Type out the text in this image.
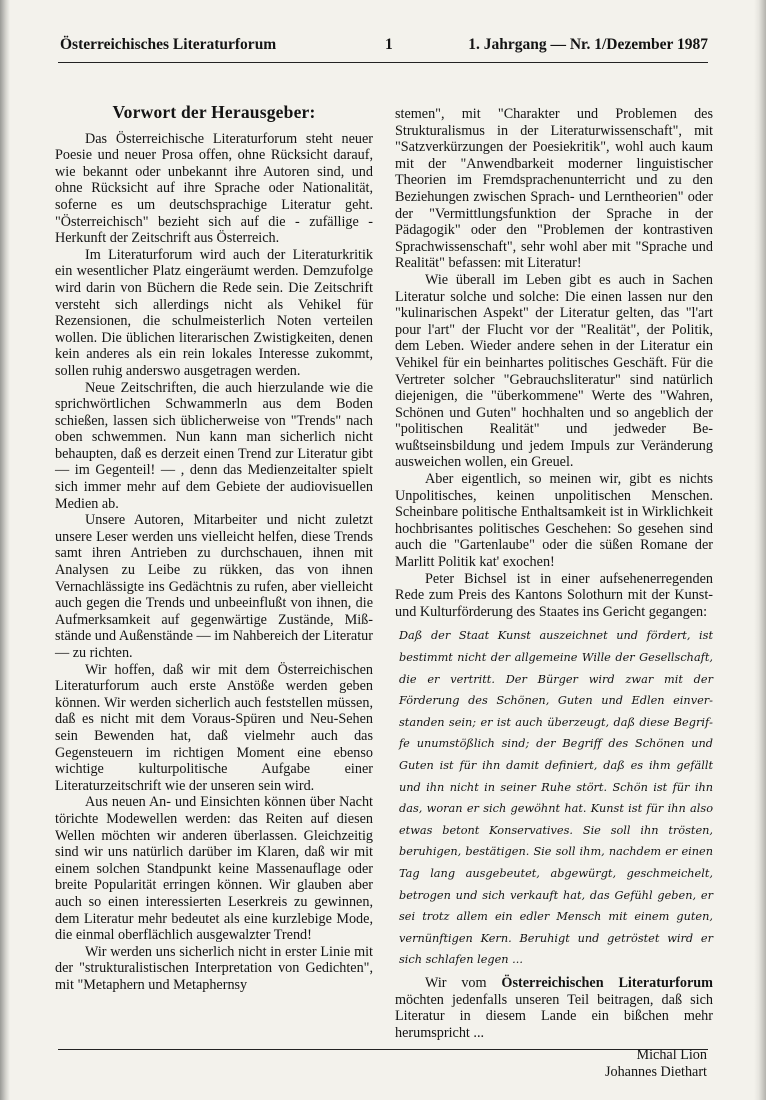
Österreichisches Literaturforum	1	1. Jahrgang — Nr. 1/Dezember 1987
Vorwort der Herausgeber:

Das Österreichische Literaturforum steht neuer Poesie und neuer Prosa offen, ohne Rücksicht darauf, wie bekannt oder unbekannt ihre Autoren sind, und ohne Rücksicht auf ihre Sprache oder Nationalität, soferne es um deutschsprachige Literatur geht. "Österreichisch" bezieht sich auf die - zufällige - Herkunft der Zeitschrift aus Österreich.

Im Literaturforum wird auch der Literaturkritik ein wesentlicher Platz eingeräumt werden. Demzufolge wird darin von Büchern die Rede sein. Die Zeitschrift versteht sich allerdings nicht als Vehikel für Rezensionen, die schulmeisterlich Noten verteilen wollen. Die üblichen literarischen Zwistigkeiten, denen kein anderes als ein rein lokales Interesse zukommt, sollen ruhig anderswo ausgetragen werden.

Neue Zeitschriften, die auch hierzulande wie die sprichwörtlichen Schwammerln aus dem Boden schießen, lassen sich üblicherweise von "Trends" nach oben schwemmen. Nun kann man sicherlich nicht behaupten, daß es derzeit einen Trend zur Literatur gibt — im Gegenteil! — , denn das Medienzeitalter spielt sich immer mehr auf dem Gebiete der audiovisuellen Medien ab.

Unsere Autoren, Mitarbeiter und nicht zuletzt unsere Leser werden uns vielleicht helfen, diese Trends samt ihren Antrieben zu durchschauen, ihnen mit Analysen zu Leibe zu rükken, das von ihnen Vernachlässigte ins Gedächtnis zu rufen, aber vielleicht auch gegen die Trends und unbeeinflußt von ihnen, die Aufmerksamkeit auf gegenwärtige Zustände, Mißstände und Außenstände — im Nahbereich der Literatur — zu richten.

Wir hoffen, daß wir mit dem Österreichischen Literaturforum auch erste Anstöße werden geben können. Wir werden sicherlich auch feststellen müssen, daß es nicht mit dem Voraus-Spüren und Neu-Sehen sein Bewenden hat, daß vielmehr auch das Gegensteuern im richtigen Moment eine ebenso wichtige kulturpolitische Aufgabe einer Literaturzeitschrift wie der unseren sein wird.

Aus neuen An- und Einsichten können über Nacht törichte Modewellen werden: das Reiten auf diesen Wellen möchten wir anderen überlassen. Gleichzeitig sind wir uns natürlich darüber im Klaren, daß wir mit einem solchen Standpunkt keine Massenauflage oder breite Popularität erringen können. Wir glauben aber auch so einen interessierten Leserkreis zu gewinnen, dem Literatur mehr bedeutet als eine kurzlebige Mode, die einmal oberflächlich ausgewalzter Trend!

Wir werden uns sicherlich nicht in erster Linie mit der "strukturalistischen Interpretation von Gedichten", mit "Metaphern und Metaphernsy

stemen", mit "Charakter und Problemen des Strukturalismus in der Literaturwissenschaft", mit "Satzverkürzungen der Poesiekritik", wohl auch kaum mit der "Anwendbarkeit moderner linguistischer Theorien im Fremdsprachenunterricht und zu den Beziehungen zwischen Sprach- und Lerntheorien" oder der "Vermittlungsfunktion der Sprache in der Pädagogik" oder den "Problemen der kontrastiven Sprachwissenschaft", sehr wohl aber mit "Sprache und Realität" befassen: mit Literatur!

Wie überall im Leben gibt es auch in Sachen Literatur solche und solche: Die einen lassen nur den "kulinarischen Aspekt" der Literatur gelten, das "l'art pour l'art" der Flucht vor der "Realität", der Politik, dem Leben. Wieder andere sehen in der Literatur ein Vehikel für ein beinhartes politisches Geschäft. Für die Vertreter solcher "Gebrauchsliteratur" sind natürlich diejenigen, die "überkommene" Werte des "Wahren, Schönen und Guten" hochhalten und so angeblich der "politischen Realität" und jedweder Bewußtseinsbildung und jedem Impuls zur Veränderung ausweichen wollen, ein Greuel.

Aber eigentlich, so meinen wir, gibt es nichts Unpolitisches, keinen unpolitischen Menschen. Scheinbare politische Enthaltsamkeit ist in Wirklichkeit hochbrisantes politisches Geschehen: So gesehen sind auch die "Gartenlaube" oder die süßen Romane der Marlitt Politik kat' exochen!

Peter Bichsel ist in einer aufsehenerregenden Rede zum Preis des Kantons Solothurn mit der Kunst- und Kulturförderung des Staates ins Gericht gegangen:

Daß der Staat Kunst auszeichnet und fördert, ist bestimmt nicht der allgemeine Wille der Gesellschaft, die er vertritt. Der Bürger wird zwar mit der Förderung des Schönen, Guten und Edlen einverstanden sein; er ist auch überzeugt, daß diese Begriffe unumstößlich sind; der Begriff des Schönen und Guten ist für ihn damit definiert, daß es ihm gefällt und ihn nicht in seiner Ruhe stört. Schön ist für ihn das, woran er sich gewöhnt hat. Kunst ist für ihn also etwas betont Konservatives. Sie soll ihn trösten, beruhigen, bestätigen. Sie soll ihm, nachdem er einen Tag lang ausgebeutet, abgewürgt, geschmeichelt, betrogen und sich verkauft hat, das Gefühl geben, er sei trotz allem ein edler Mensch mit einem guten, vernünftigen Kern. Beruhigt und getröstet wird er sich schlafen legen ...

Wir vom Österreichischen Literaturforum möchten jedenfalls unseren Teil beitragen, daß sich Literatur in diesem Lande ein bißchen mehr herumspricht ...

Michal Lion
Johannes Diethart
